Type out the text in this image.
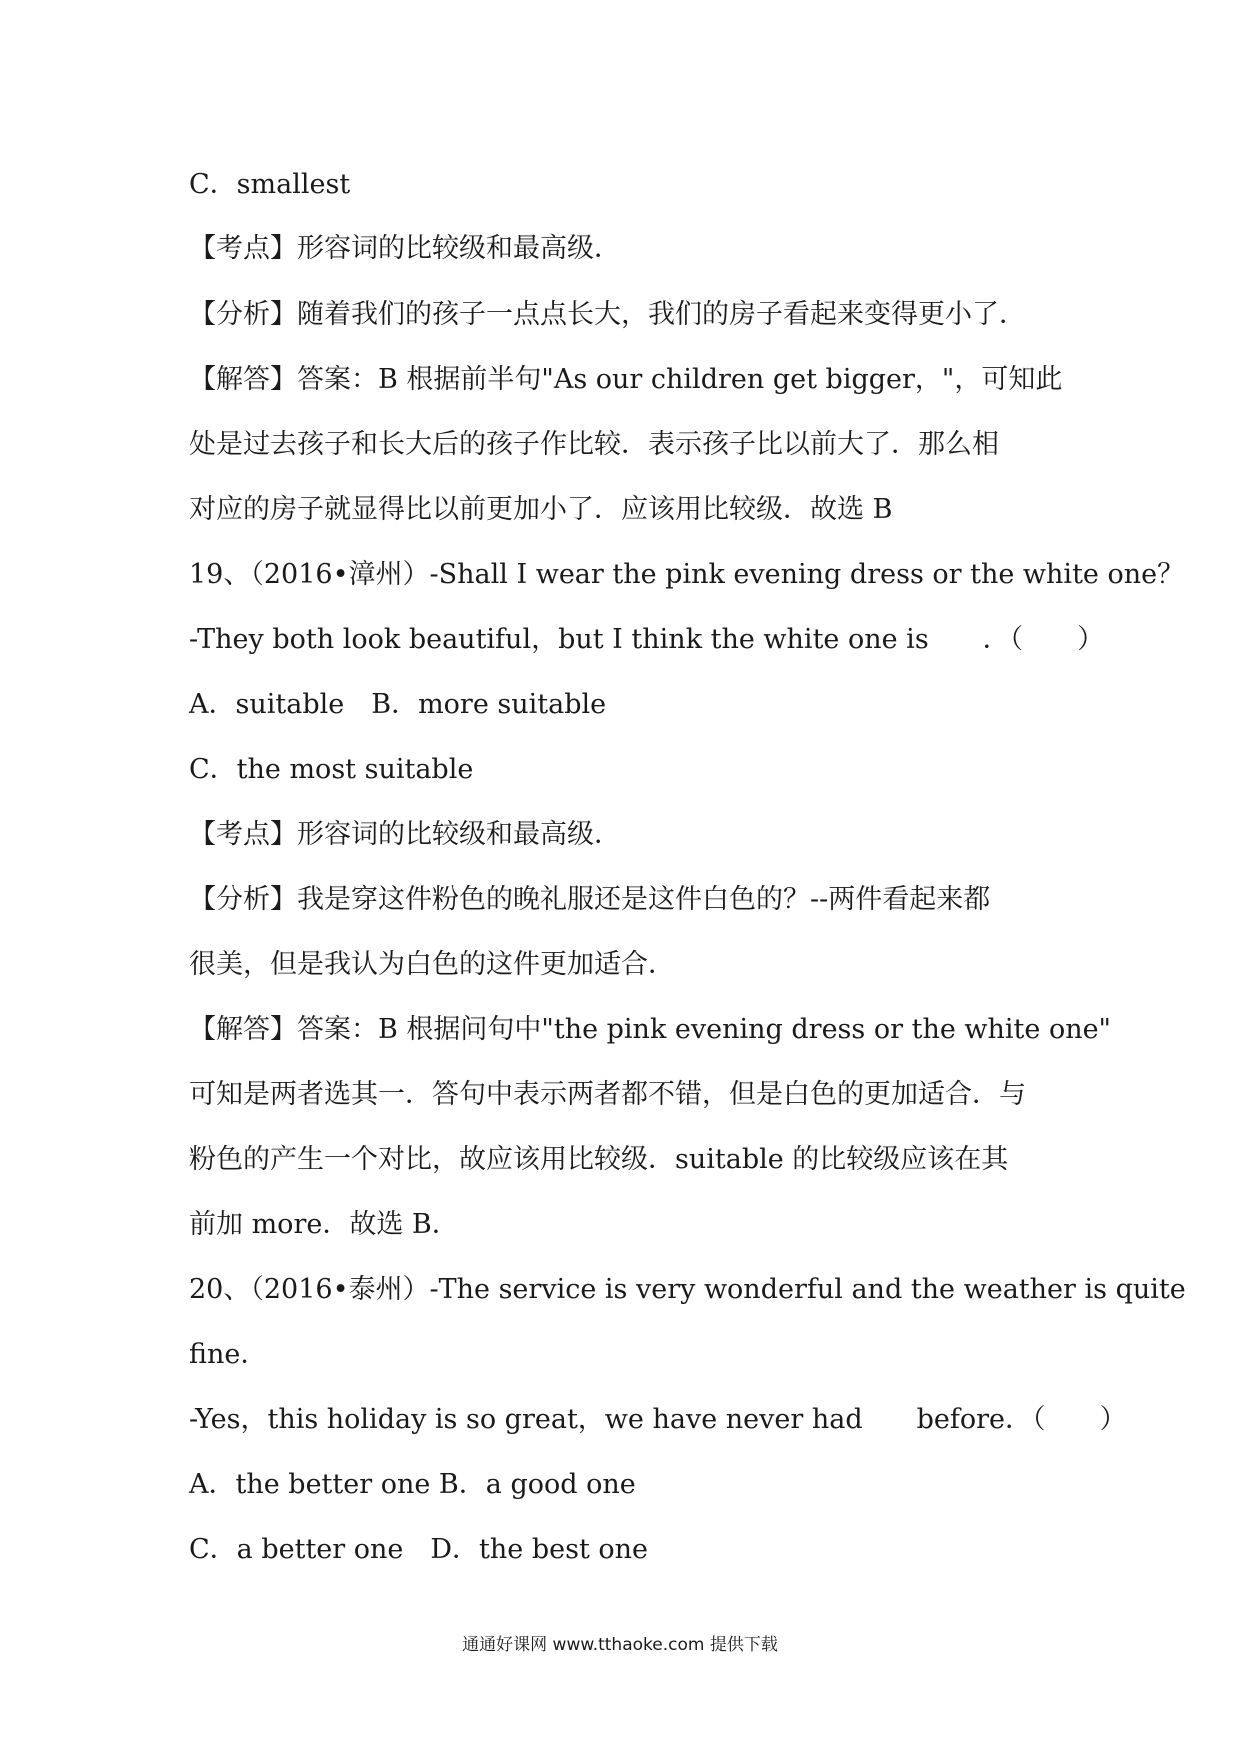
C．smallest
【考点】形容词的比较级和最高级．
【分析】随着我们的孩子一点点长大，我们的房子看起来变得更小了．
【解答】答案：B 根据前半句"As our children get bigger，"，可知此
处是过去孩子和长大后的孩子作比较．表示孩子比以前大了．那么相
对应的房子就显得比以前更加小了．应该用比较级．故选 B
19、（2016•漳州）-Shall I wear the pink evening dress or the white one？
-They both look beautiful，but I think the white one is　　．（　　）
A．suitable　B．more suitable
C．the most suitable
【考点】形容词的比较级和最高级．
【分析】我是穿这件粉色的晚礼服还是这件白色的？--两件看起来都
很美，但是我认为白色的这件更加适合．
【解答】答案：B 根据问句中"the pink evening dress or the white one"
可知是两者选其一．答句中表示两者都不错，但是白色的更加适合．与
粉色的产生一个对比，故应该用比较级．suitable 的比较级应该在其
前加 more．故选 B．
20、（2016•泰州）-The service is very wonderful and the weather is quite
fine．
-Yes，this holiday is so great，we have never had　　before．（　　）
A．the better one B．a good one
C．a better one　D．the best one
通通好课网 www.tthaoke.com 提供下载
